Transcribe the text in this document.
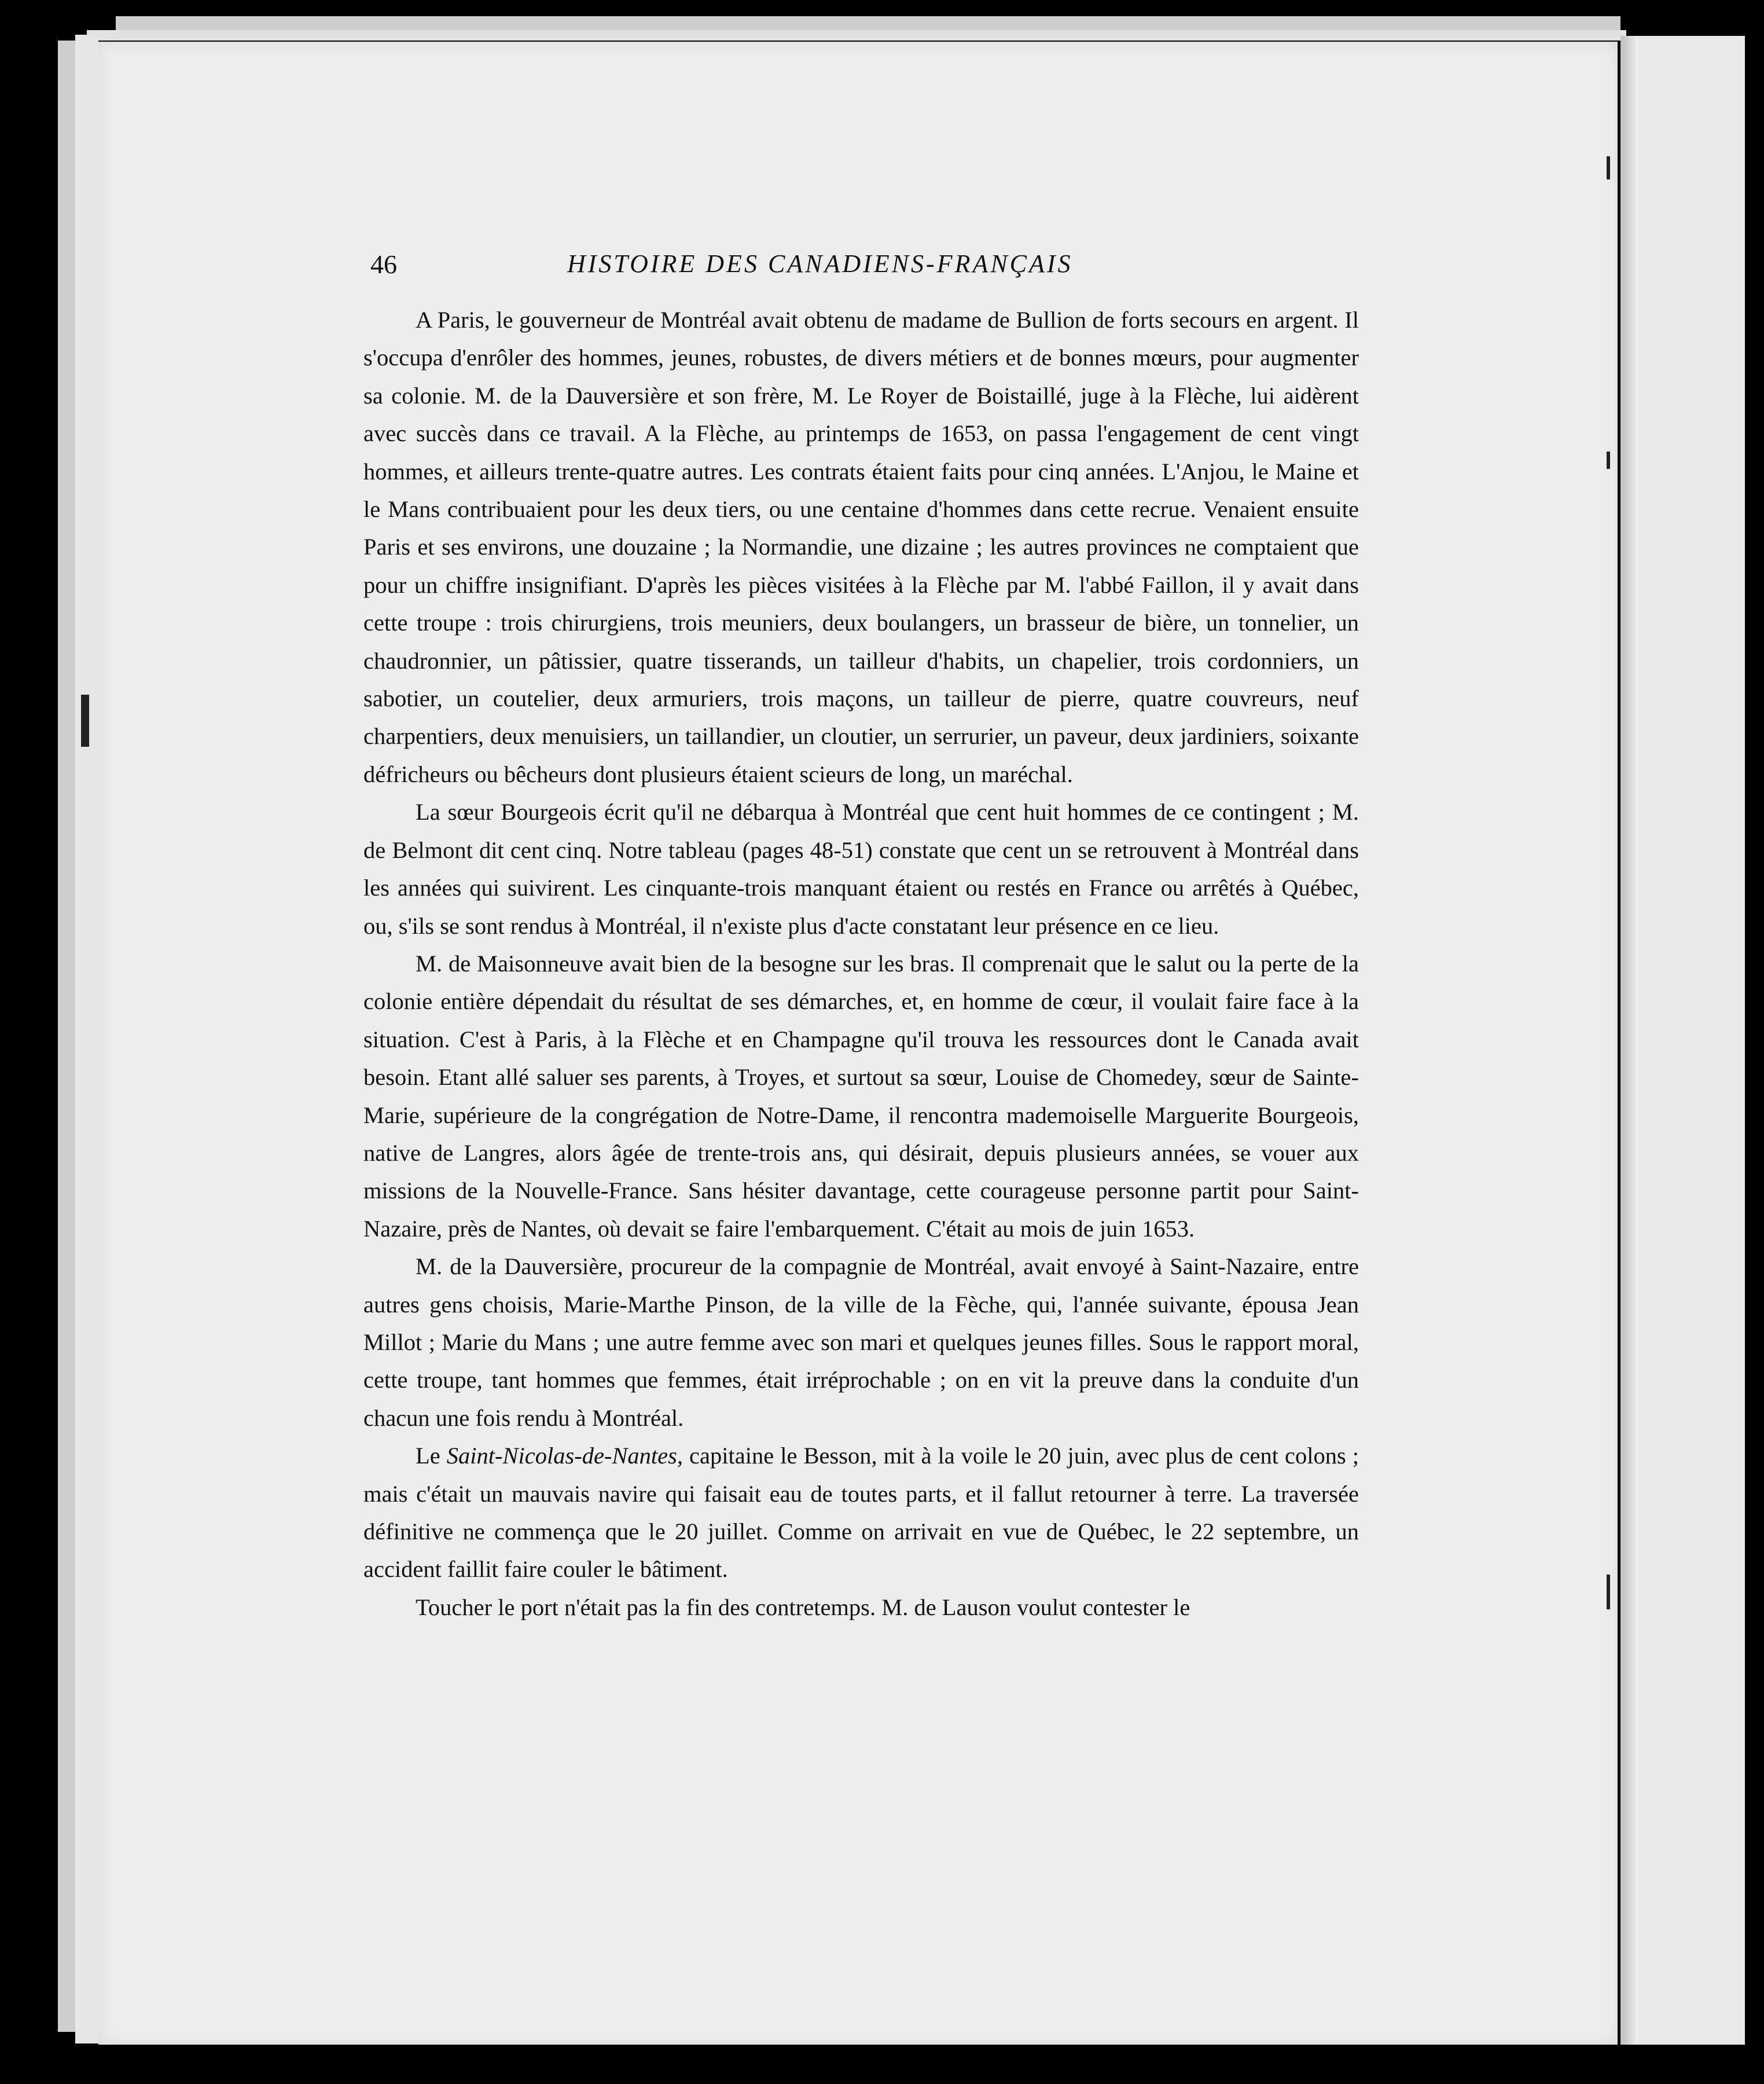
46	HISTOIRE DES CANADIENS-FRANÇAIS

A Paris, le gouverneur de Montréal avait obtenu de madame de Bullion de forts secours en argent. Il s'occupa d'enrôler des hommes, jeunes, robustes, de divers métiers et de bonnes mœurs, pour augmenter sa colonie. M. de la Dauversière et son frère, M. Le Royer de Boistaillé, juge à la Flèche, lui aidèrent avec succès dans ce travail. A la Flèche, au printemps de 1653, on passa l'engagement de cent vingt hommes, et ailleurs trente-quatre autres. Les contrats étaient faits pour cinq années. L'Anjou, le Maine et le Mans contribuaient pour les deux tiers, ou une centaine d'hommes dans cette recrue. Venaient ensuite Paris et ses environs, une douzaine ; la Normandie, une dizaine ; les autres provinces ne comptaient que pour un chiffre insignifiant. D'après les pièces visitées à la Flèche par M. l'abbé Faillon, il y avait dans cette troupe : trois chirurgiens, trois meuniers, deux boulangers, un brasseur de bière, un tonnelier, un chaudronnier, un pâtissier, quatre tisserands, un tailleur d'habits, un chapelier, trois cordonniers, un sabotier, un coutelier, deux armuriers, trois maçons, un tailleur de pierre, quatre couvreurs, neuf charpentiers, deux menuisiers, un taillandier, un cloutier, un serrurier, un paveur, deux jardiniers, soixante défricheurs ou bêcheurs dont plusieurs étaient scieurs de long, un maréchal.

La sœur Bourgeois écrit qu'il ne débarqua à Montréal que cent huit hommes de ce contingent ; M. de Belmont dit cent cinq. Notre tableau (pages 48-51) constate que cent un se retrouvent à Montréal dans les années qui suivirent. Les cinquante-trois manquant étaient ou restés en France ou arrêtés à Québec, ou, s'ils se sont rendus à Montréal, il n'existe plus d'acte constatant leur présence en ce lieu.

M. de Maisonneuve avait bien de la besogne sur les bras. Il comprenait que le salut ou la perte de la colonie entière dépendait du résultat de ses démarches, et, en homme de cœur, il voulait faire face à la situation. C'est à Paris, à la Flèche et en Champagne qu'il trouva les ressources dont le Canada avait besoin. Etant allé saluer ses parents, à Troyes, et surtout sa sœur, Louise de Chomedey, sœur de Sainte-Marie, supérieure de la congrégation de Notre-Dame, il rencontra mademoiselle Marguerite Bourgeois, native de Langres, alors âgée de trente-trois ans, qui désirait, depuis plusieurs années, se vouer aux missions de la Nouvelle-France. Sans hésiter davantage, cette courageuse personne partit pour Saint-Nazaire, près de Nantes, où devait se faire l'embarquement. C'était au mois de juin 1653.

M. de la Dauversière, procureur de la compagnie de Montréal, avait envoyé à Saint-Nazaire, entre autres gens choisis, Marie-Marthe Pinson, de la ville de la Fèche, qui, l'année suivante, épousa Jean Millot ; Marie du Mans ; une autre femme avec son mari et quelques jeunes filles. Sous le rapport moral, cette troupe, tant hommes que femmes, était irréprochable ; on en vit la preuve dans la conduite d'un chacun une fois rendu à Montréal.

Le Saint-Nicolas-de-Nantes, capitaine le Besson, mit à la voile le 20 juin, avec plus de cent colons ; mais c'était un mauvais navire qui faisait eau de toutes parts, et il fallut retourner à terre. La traversée définitive ne commença que le 20 juillet. Comme on arrivait en vue de Québec, le 22 septembre, un accident faillit faire couler le bâtiment.

Toucher le port n'était pas la fin des contretemps. M. de Lauson voulut contester le
